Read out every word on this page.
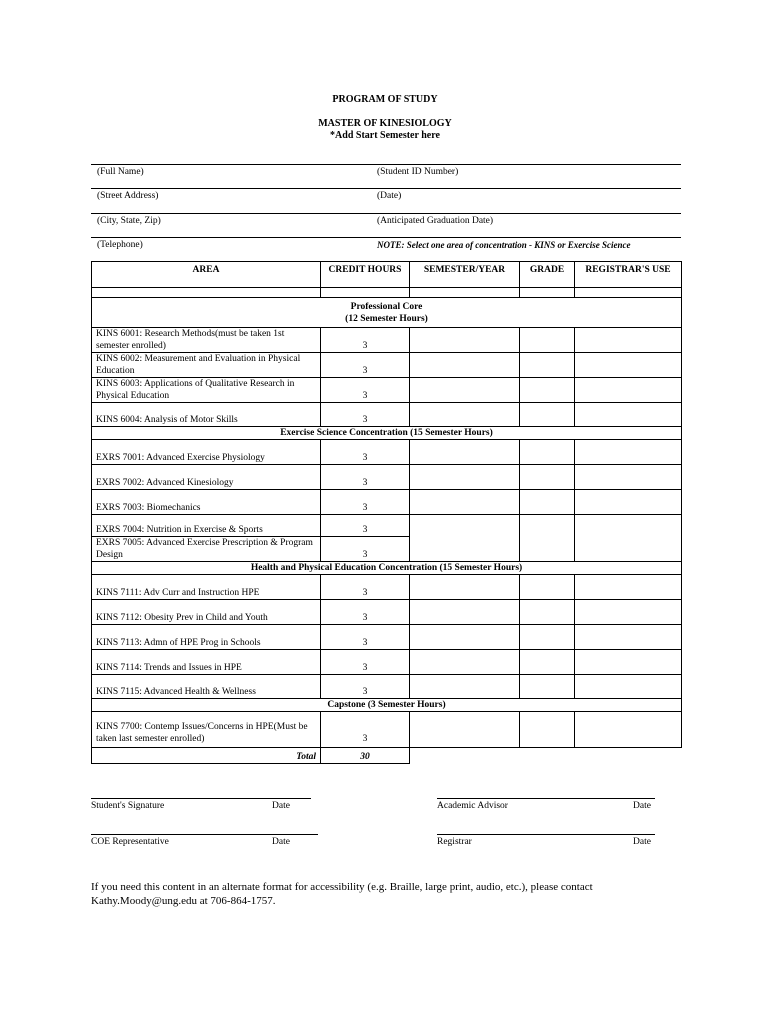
PROGRAM OF STUDY
MASTER OF KINESIOLOGY
*Add Start Semester here
(Full Name)	(Student ID Number)
(Street Address)	(Date)
(City, State, Zip)	(Anticipated Graduation Date)
(Telephone)	NOTE: Select one area of concentration - KINS or Exercise Science
AREA	CREDIT HOURS	SEMESTER/YEAR	GRADE	REGISTRAR'S USE

Professional Core
(12 Semester Hours)				

KINS 6001: Research Methods(must be taken 1st semester enrolled)	3			
KINS 6002: Measurement and Evaluation in Physical Education	3			
KINS 6003: Applications of Qualitative Research in Physical Education	3			
KINS 6004: Analysis of Motor Skills	3			
Exercise Science Concentration (15 Semester Hours)				
EXRS 7001: Advanced Exercise Physiology	3			
EXRS 7002: Advanced Kinesiology	3			
EXRS 7003: Biomechanics	3			
EXRS 7004: Nutrition in Exercise & Sports	3			
EXRS 7005: Advanced Exercise Prescription & Program Design	3			
Health and Physical Education Concentration (15 Semester Hours)				
KINS 7111: Adv Curr and Instruction HPE	3			
KINS 7112: Obesity Prev in Child and Youth	3			
KINS 7113: Admn of HPE Prog in Schools	3			
KINS 7114: Trends and Issues in HPE	3			
KINS 7115: Advanced Health & Wellness	3			
Capstone (3 Semester Hours)				
KINS 7700: Contemp Issues/Concerns in HPE(Must be taken last semester enrolled)	3			
Total	30			
Student's Signature	Date	Academic Advisor	Date
COE Representative	Date	Registrar	Date
If you need this content in an alternate format for accessibility (e.g. Braille, large print, audio, etc.), please contact
Kathy.Moody@ung.edu at 706-864-1757.
